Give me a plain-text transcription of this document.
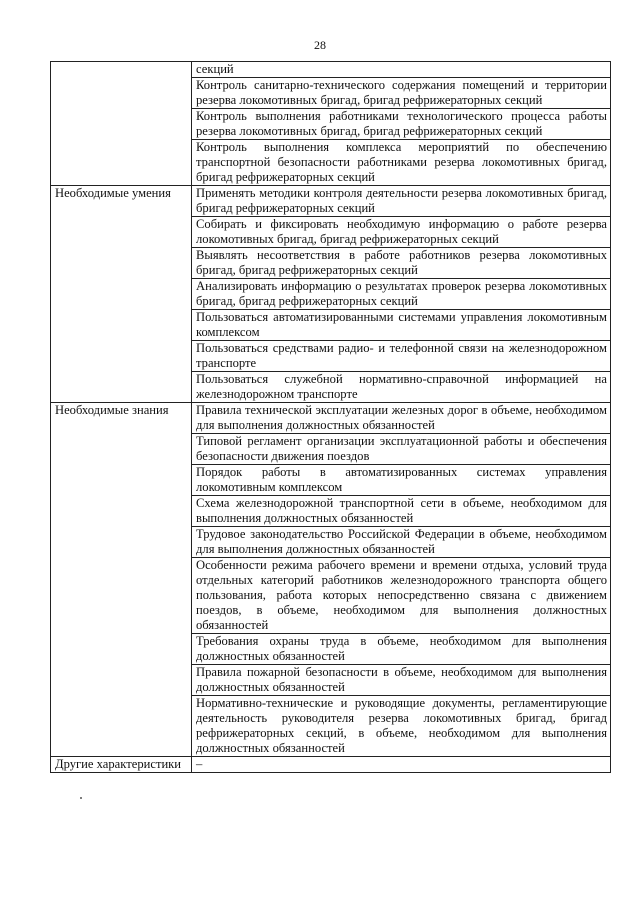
28
	секций
	Контроль санитарно-технического содержания помещений и территории резерва локомотивных бригад, бригад рефрижераторных секций
	Контроль выполнения работниками технологического процесса работы резерва локомотивных бригад, бригад рефрижераторных секций
	Контроль выполнения комплекса мероприятий по обеспечению транспортной безопасности работниками резерва локомотивных бригад, бригад рефрижераторных секций
Необходимые умения	Применять методики контроля деятельности резерва локомотивных бригад, бригад рефрижераторных секций
	Собирать и фиксировать необходимую информацию о работе резерва локомотивных бригад, бригад рефрижераторных секций
	Выявлять несоответствия в работе работников резерва локомотивных бригад, бригад рефрижераторных секций
	Анализировать информацию о результатах проверок резерва локомотивных бригад, бригад рефрижераторных секций
	Пользоваться автоматизированными системами управления локомотивным комплексом
	Пользоваться средствами радио- и телефонной связи на железнодорожном транспорте
	Пользоваться служебной нормативно-справочной информацией на железнодорожном транспорте
Необходимые знания	Правила технической эксплуатации железных дорог в объеме, необходимом для выполнения должностных обязанностей
	Типовой регламент организации эксплуатационной работы и обеспечения безопасности движения поездов
	Порядок работы в автоматизированных системах управления локомотивным комплексом
	Схема железнодорожной транспортной сети в объеме, необходимом для выполнения должностных обязанностей
	Трудовое законодательство Российской Федерации в объеме, необходимом для выполнения должностных обязанностей
	Особенности режима рабочего времени и времени отдыха, условий труда отдельных категорий работников железнодорожного транспорта общего пользования, работа которых непосредственно связана с движением поездов, в объеме, необходимом для выполнения должностных обязанностей
	Требования охраны труда в объеме, необходимом для выполнения должностных обязанностей
	Правила пожарной безопасности в объеме, необходимом для выполнения должностных обязанностей
	Нормативно-технические и руководящие документы, регламентирующие деятельность руководителя резерва локомотивных бригад, бригад рефрижераторных секций, в объеме, необходимом для выполнения должностных обязанностей
Другие характеристики	–
